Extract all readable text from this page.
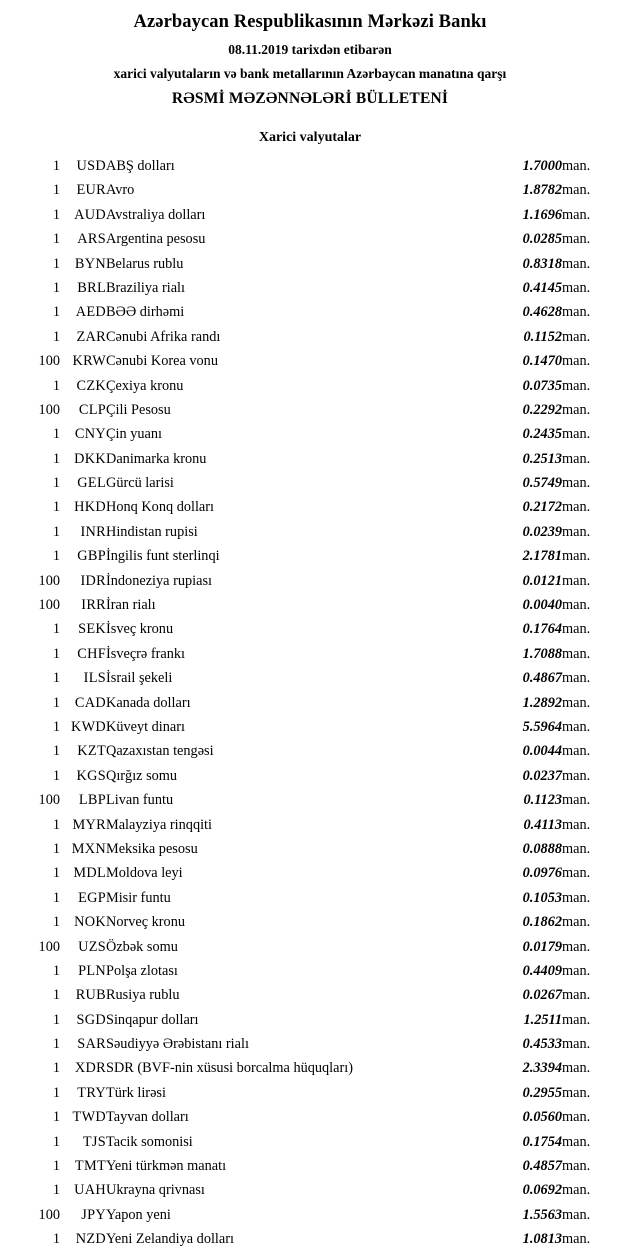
Azərbaycan Respublikasının Mərkəzi Bankı
08.11.2019 tarixdən etibarən
xarici valyutaların və bank metallarının Azərbaycan manatına qarşı
RƏSMİ MƏZƏNNƏLƏRİ BÜLLETENİ
Xarici valyutalar
1	USD	ABŞ dolları	1.7000	man.
1	EUR	Avro	1.8782	man.
1	AUD	Avstraliya dolları	1.1696	man.
1	ARS	Argentina pesosu	0.0285	man.
1	BYN	Belarus rublu	0.8318	man.
1	BRL	Braziliya rialı	0.4145	man.
1	AED	BƏƏ dirhəmi	0.4628	man.
1	ZAR	Cənubi Afrika randı	0.1152	man.
100	KRW	Cənubi Korea vonu	0.1470	man.
1	CZK	Çexiya kronu	0.0735	man.
100	CLP	Çili Pesosu	0.2292	man.
1	CNY	Çin yuanı	0.2435	man.
1	DKK	Danimarka kronu	0.2513	man.
1	GEL	Gürcü larisi	0.5749	man.
1	HKD	Honq Konq dolları	0.2172	man.
1	INR	Hindistan rupisi	0.0239	man.
1	GBP	İngilis funt sterlinqi	2.1781	man.
100	IDR	İndoneziya rupiası	0.0121	man.
100	IRR	İran rialı	0.0040	man.
1	SEK	İsveç kronu	0.1764	man.
1	CHF	İsveçrə frankı	1.7088	man.
1	ILS	İsrail şekeli	0.4867	man.
1	CAD	Kanada dolları	1.2892	man.
1	KWD	Küveyt dinarı	5.5964	man.
1	KZT	Qazaxıstan tengəsi	0.0044	man.
1	KGS	Qırğız somu	0.0237	man.
100	LBP	Livan funtu	0.1123	man.
1	MYR	Malayziya rinqqiti	0.4113	man.
1	MXN	Meksika pesosu	0.0888	man.
1	MDL	Moldova leyi	0.0976	man.
1	EGP	Misir funtu	0.1053	man.
1	NOK	Norveç kronu	0.1862	man.
100	UZS	Özbək somu	0.0179	man.
1	PLN	Polşa zlotası	0.4409	man.
1	RUB	Rusiya rublu	0.0267	man.
1	SGD	Sinqapur dolları	1.2511	man.
1	SAR	Səudiyyə Ərəbistanı rialı	0.4533	man.
1	XDR	SDR (BVF-nin xüsusi borcalma hüquqları)	2.3394	man.
1	TRY	Türk lirəsi	0.2955	man.
1	TWD	Tayvan dolları	0.0560	man.
1	TJS	Tacik somonisi	0.1754	man.
1	TMT	Yeni türkmən manatı	0.4857	man.
1	UAH	Ukrayna qrivnası	0.0692	man.
100	JPY	Yapon yeni	1.5563	man.
1	NZD	Yeni Zelandiya dolları	1.0813	man.
